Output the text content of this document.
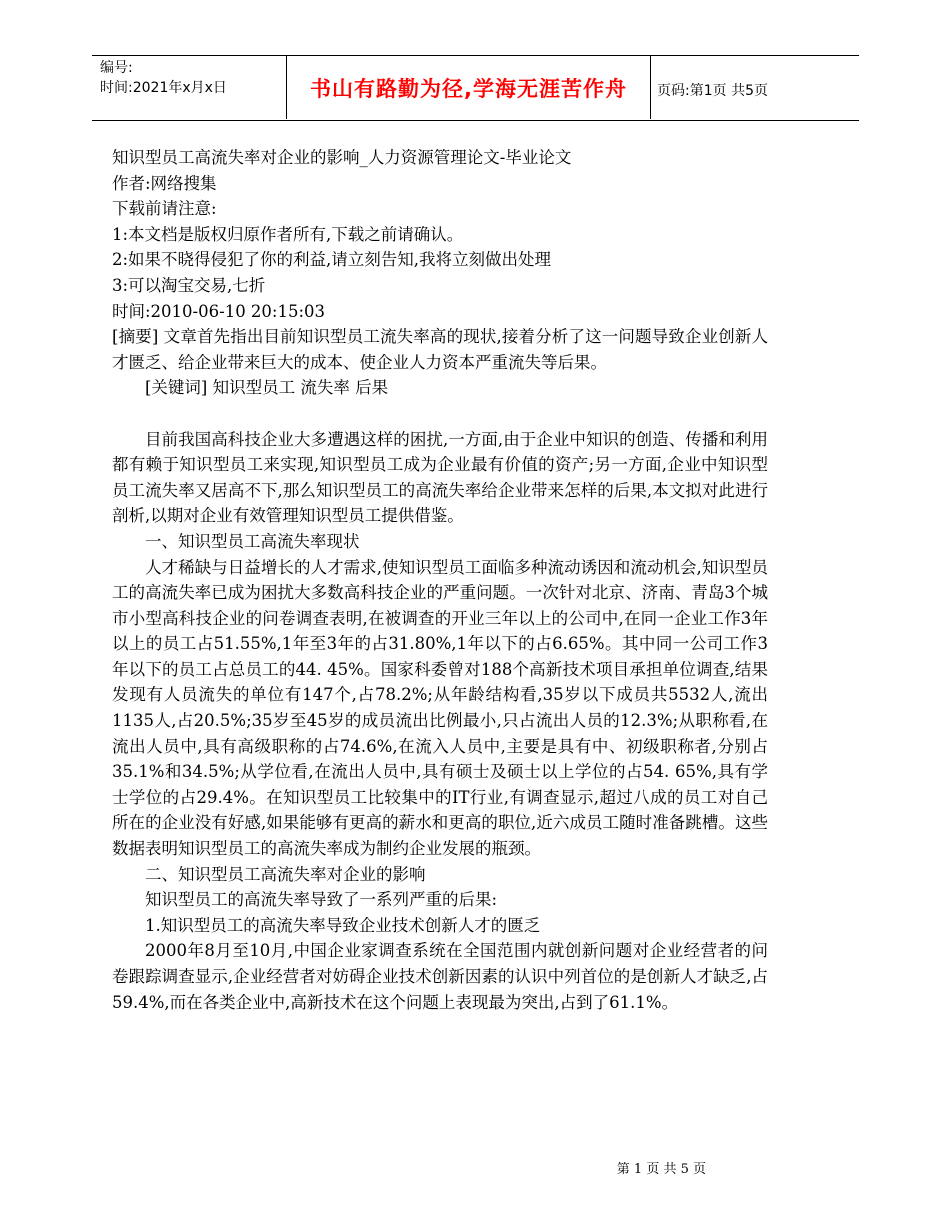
编号:
时间:2021年x月x日	书山有路勤为径,学海无涯苦作舟 页码:第1页 共5页

知识型员工高流失率对企业的影响_人力资源管理论文-毕业论文

作者:网络搜集

下载前请注意:

1:本文档是版权归原作者所有,下载之前请确认。

2:如果不晓得侵犯了你的利益,请立刻告知,我将立刻做出处理

3:可以淘宝交易,七折

时间:2010-06-10 20:15:03

[摘要] 文章首先指出目前知识型员工流失率高的现状,接着分析了这一问题导致企业创新人才匮乏、给企业带来巨大的成本、使企业人力资本严重流失等后果。

[关键词] 知识型员工 流失率 后果

目前我国高科技企业大多遭遇这样的困扰,一方面,由于企业中知识的创造、传播和利用都有赖于知识型员工来实现,知识型员工成为企业最有价值的资产;另一方面,企业中知识型员工流失率又居高不下,那么知识型员工的高流失率给企业带来怎样的后果,本文拟对此进行剖析,以期对企业有效管理知识型员工提供借鉴。

一、知识型员工高流失率现状

人才稀缺与日益增长的人才需求,使知识型员工面临多种流动诱因和流动机会,知识型员工的高流失率已成为困扰大多数高科技企业的严重问题。一次针对北京、济南、青岛3个城市小型高科技企业的问卷调查表明,在被调查的开业三年以上的公司中,在同一企业工作3年以上的员工占51.55%,1年至3年的占31.80%,1年以下的占6.65%。其中同一公司工作3年以下的员工占总员工的44. 45%。国家科委曾对188个高新技术项目承担单位调查,结果发现有人员流失的单位有147个,占78.2%;从年龄结构看,35岁以下成员共5532人,流出1135人,占20.5%;35岁至45岁的成员流出比例最小,只占流出人员的12.3%;从职称看,在流出人员中,具有高级职称的占74.6%,在流入人员中,主要是具有中、初级职称者,分别占35.1%和34.5%;从学位看,在流出人员中,具有硕士及硕士以上学位的占54. 65%,具有学士学位的占29.4%。在知识型员工比较集中的IT行业,有调查显示,超过八成的员工对自己所在的企业没有好感,如果能够有更高的薪水和更高的职位,近六成员工随时准备跳槽。这些数据表明知识型员工的高流失率成为制约企业发展的瓶颈。

二、知识型员工高流失率对企业的影响

知识型员工的高流失率导致了一系列严重的后果:

1.知识型员工的高流失率导致企业技术创新人才的匮乏

2000年8月至10月,中国企业家调查系统在全国范围内就创新问题对企业经营者的问卷跟踪调查显示,企业经营者对妨碍企业技术创新因素的认识中列首位的是创新人才缺乏,占59.4%,而在各类企业中,高新技术在这个问题上表现最为突出,占到了61.1%。

第 1 页 共 5 页
